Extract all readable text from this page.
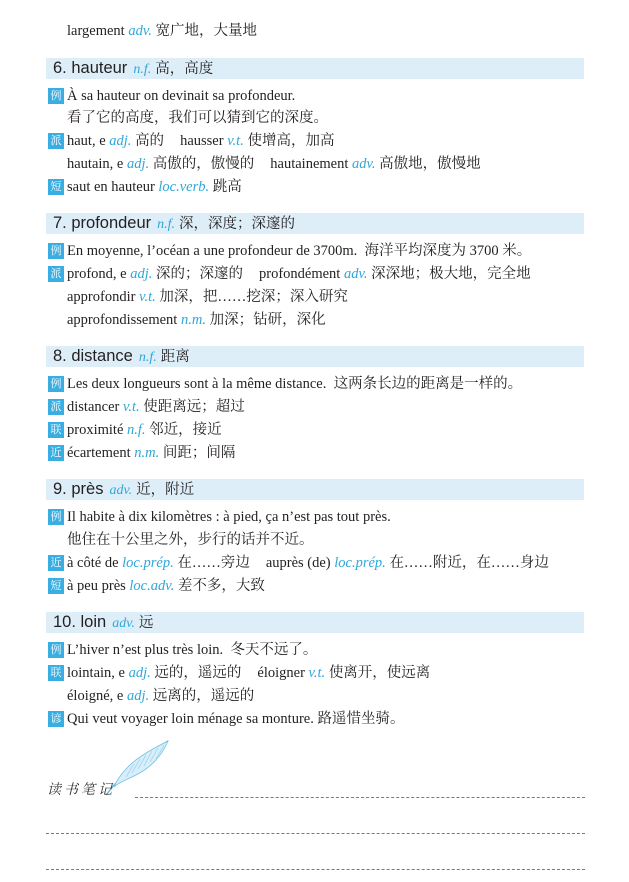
largement adv. 宽广地，大量地
6. hauteur n.f. 高，高度
例 À sa hauteur on devinait sa profondeur.
看了它的高度，我们可以猜到它的深度。
派 haut, e adj. 高的 hausser v.t. 使增高，加高
hautain, e adj. 高傲的，傲慢的 hautainement adv. 高傲地，傲慢地
短 saut en hauteur loc.verb. 跳高
7. profondeur n.f. 深，深度；深邃的
例 En moyenne, l’océan a une profondeur de 3700m.  海洋平均深度为 3700 米。
派 profond, e adj. 深的；深邃的 profondément adv. 深深地；极大地，完全地
approfondir v.t. 加深，把……挖深；深入研究
approfondissement n.m. 加深；钻研，深化
8. distance n.f. 距离
例 Les deux longueurs sont à la même distance.  这两条长边的距离是一样的。
派 distancer v.t. 使距离远；超过
联 proximité n.f. 邻近，接近
近 écartement n.m. 间距；间隔
9. près adv. 近，附近
例 Il habite à dix kilomètres : à pied, ça n’est pas tout près.
他住在十公里之外，步行的话并不近。
近 à côté de loc.prép. 在……旁边 auprès (de) loc.prép. 在……附近，在……身边
短 à peu près loc.adv. 差不多，大致
10. loin adv. 远
例 L’hiver n’est plus très loin.  冬天不远了。
联 lointain, e adj. 远的，遥远的 éloigner v.t. 使离开，使远离
éloigné, e adj. 远离的，遥远的
谚 Qui veut voyager loin ménage sa monture. 路遥惜坐骑。
读书笔记
